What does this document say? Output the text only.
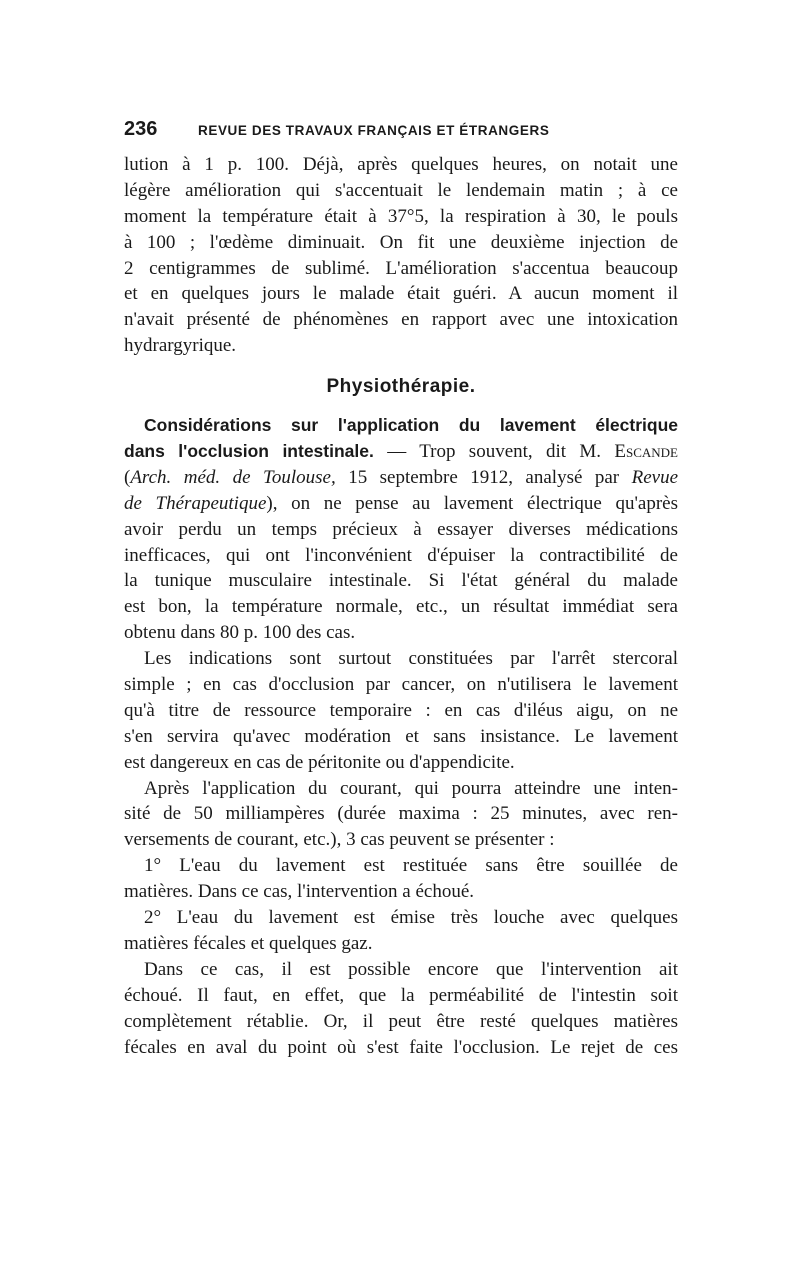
236	REVUE DES TRAVAUX FRANÇAIS ET ÉTRANGERS
lution à 1 p. 100. Déjà, après quelques heures, on notait une
légère amélioration qui s'accentuait le lendemain matin ; à ce
moment la température était à 37°5, la respiration à 30, le pouls
à 100 ; l'œdème diminuait. On fit une deuxième injection de
2 centigrammes de sublimé. L'amélioration s'accentua beaucoup
et en quelques jours le malade était guéri. A aucun moment il
n'avait présenté de phénomènes en rapport avec une intoxication
hydrargyrique.
Physiothérapie.
Considérations sur l'application du lavement électrique
dans l'occlusion intestinale. — Trop souvent, dit M. Escande
(Arch. méd. de Toulouse, 15 septembre 1912, analysé par Revue
de Thérapeutique), on ne pense au lavement électrique qu'après
avoir perdu un temps précieux à essayer diverses médications
inefficaces, qui ont l'inconvénient d'épuiser la contractibilité de
la tunique musculaire intestinale. Si l'état général du malade
est bon, la température normale, etc., un résultat immédiat sera
obtenu dans 80 p. 100 des cas.
Les indications sont surtout constituées par l'arrêt stercoral
simple ; en cas d'occlusion par cancer, on n'utilisera le lavement
qu'à titre de ressource temporaire : en cas d'iléus aigu, on ne
s'en servira qu'avec modération et sans insistance. Le lavement
est dangereux en cas de péritonite ou d'appendicite.
Après l'application du courant, qui pourra atteindre une inten-
sité de 50 milliampères (durée maxima : 25 minutes, avec ren-
versements de courant, etc.), 3 cas peuvent se présenter :
1° L'eau du lavement est restituée sans être souillée de
matières. Dans ce cas, l'intervention a échoué.
2° L'eau du lavement est émise très louche avec quelques
matières fécales et quelques gaz.
Dans ce cas, il est possible encore que l'intervention ait
échoué. Il faut, en effet, que la perméabilité de l'intestin soit
complètement rétablie. Or, il peut être resté quelques matières
fécales en aval du point où s'est faite l'occlusion. Le rejet de ces
